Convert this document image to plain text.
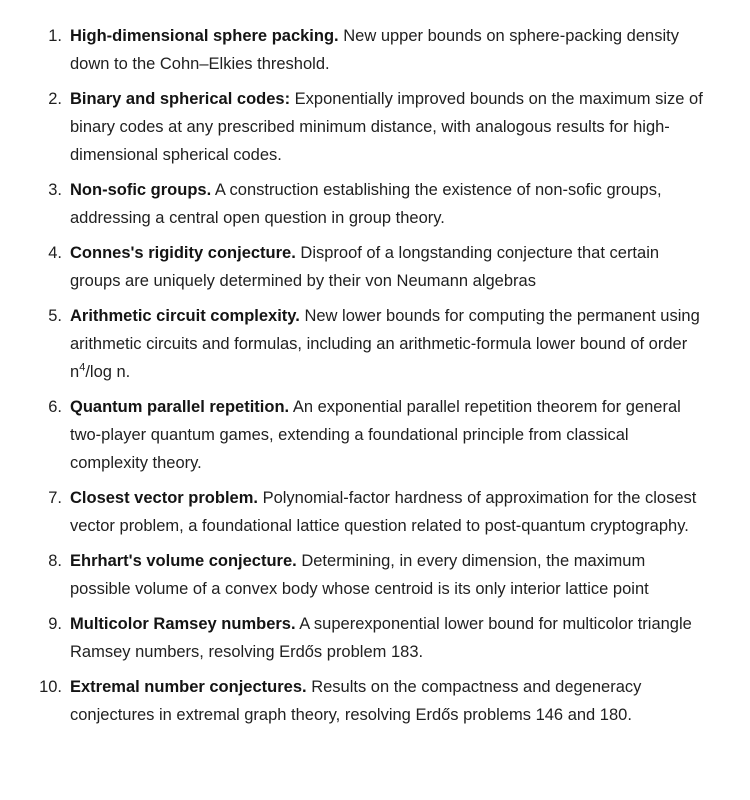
1. High-dimensional sphere packing. New upper bounds on sphere-packing density down to the Cohn–Elkies threshold.
2. Binary and spherical codes: Exponentially improved bounds on the maximum size of binary codes at any prescribed minimum distance, with analogous results for high-dimensional spherical codes.
3. Non-sofic groups. A construction establishing the existence of non-sofic groups, addressing a central open question in group theory.
4. Connes's rigidity conjecture. Disproof of a longstanding conjecture that certain groups are uniquely determined by their von Neumann algebras
5. Arithmetic circuit complexity. New lower bounds for computing the permanent using arithmetic circuits and formulas, including an arithmetic-formula lower bound of order $n^4/\log$ n.
6. Quantum parallel repetition. An exponential parallel repetition theorem for general two-player quantum games, extending a foundational principle from classical complexity theory.
7. Closest vector problem. Polynomial-factor hardness of approximation for the closest vector problem, a foundational lattice question related to post-quantum cryptography.
8. Ehrhart's volume conjecture. Determining, in every dimension, the maximum possible volume of a convex body whose centroid is its only interior lattice point
9. Multicolor Ramsey numbers. A superexponential lower bound for multicolor triangle Ramsey numbers, resolving Erdős problem 183.
10. Extremal number conjectures. Results on the compactness and degeneracy conjectures in extremal graph theory, resolving Erdős problems 146 and 180.
